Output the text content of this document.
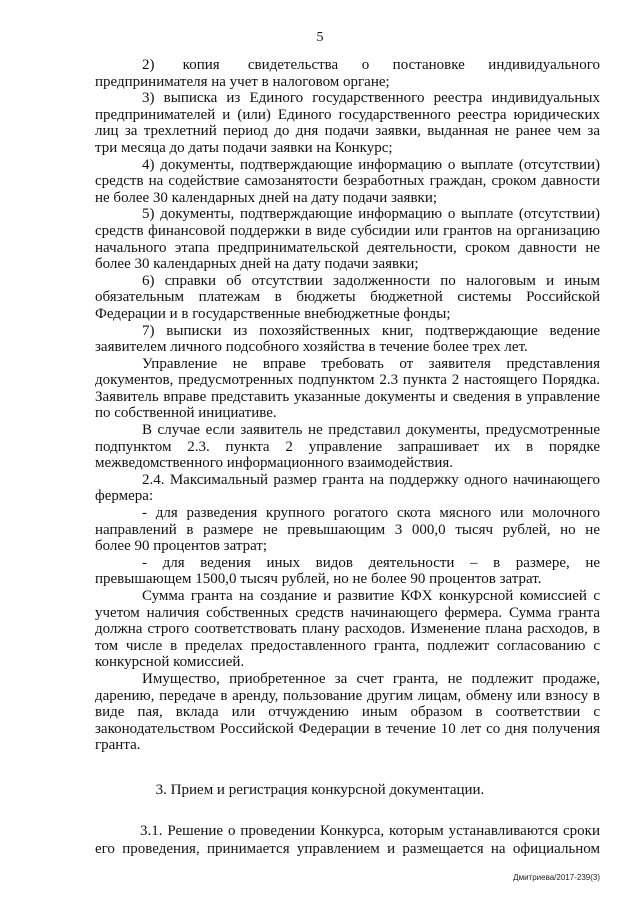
5
2)      копия      свидетельства     о     постановке     индивидуального
предпринимателя на учет в налоговом органе;
3) выписка из Единого государственного реестра индивидуальных
предпринимателей и (или) Единого государственного реестра юридических
лиц за трехлетний период до дня подачи заявки, выданная не ранее чем за
три месяца до даты подачи заявки на Конкурс;
4) документы, подтверждающие информацию о выплате (отсутствии)
средств на содействие самозанятости безработных граждан, сроком давности
не более 30 календарных дней на дату подачи заявки;
5) документы, подтверждающие информацию о выплате (отсутствии)
средств финансовой поддержки в виде субсидии или грантов на организацию
начального этапа предпринимательской деятельности, сроком давности не
более 30 календарных дней на дату подачи заявки;
6) справки об отсутствии задолженности по налоговым и иным
обязательным платежам в бюджеты бюджетной системы Российской
Федерации и в государственные внебюджетные фонды;
7) выписки из похозяйственных книг, подтверждающие ведение
заявителем личного подсобного хозяйства в течение более трех лет.
Управление не вправе требовать от заявителя представления
документов, предусмотренных подпунктом 2.3 пункта 2 настоящего Порядка.
Заявитель вправе представить указанные документы и сведения в управление
по собственной инициативе.
В случае если заявитель не представил документы, предусмотренные
подпунктом 2.3. пункта 2 управление запрашивает их в порядке
межведомственного информационного взаимодействия.
2.4. Максимальный размер гранта на поддержку одного начинающего
фермера:
- для разведения крупного рогатого скота мясного или молочного
направлений в размере не превышающим 3 000,0 тысяч рублей, но не
более 90 процентов затрат;
- для ведения иных видов деятельности – в размере, не
превышающем 1500,0 тысяч рублей, но не более 90 процентов затрат.
Сумма гранта на создание и развитие КФХ конкурсной комиссией с
учетом наличия собственных средств начинающего фермера. Сумма гранта
должна строго соответствовать плану расходов. Изменение плана расходов, в
том числе в пределах предоставленного гранта, подлежит согласованию с
конкурсной комиссией.
Имущество, приобретенное за счет гранта, не подлежит продаже,
дарению, передаче в аренду, пользование другим лицам, обмену или взносу в
виде пая, вклада или отчуждению иным образом в соответствии с
законодательством Российской Федерации в течение 10 лет со дня получения
гранта.
3. Прием и регистрация конкурсной документации.
3.1. Решение о проведении Конкурса, которым устанавливаются сроки
его проведения, принимается управлением и размещается на официальном
Дмитриева/2017-239(3)
